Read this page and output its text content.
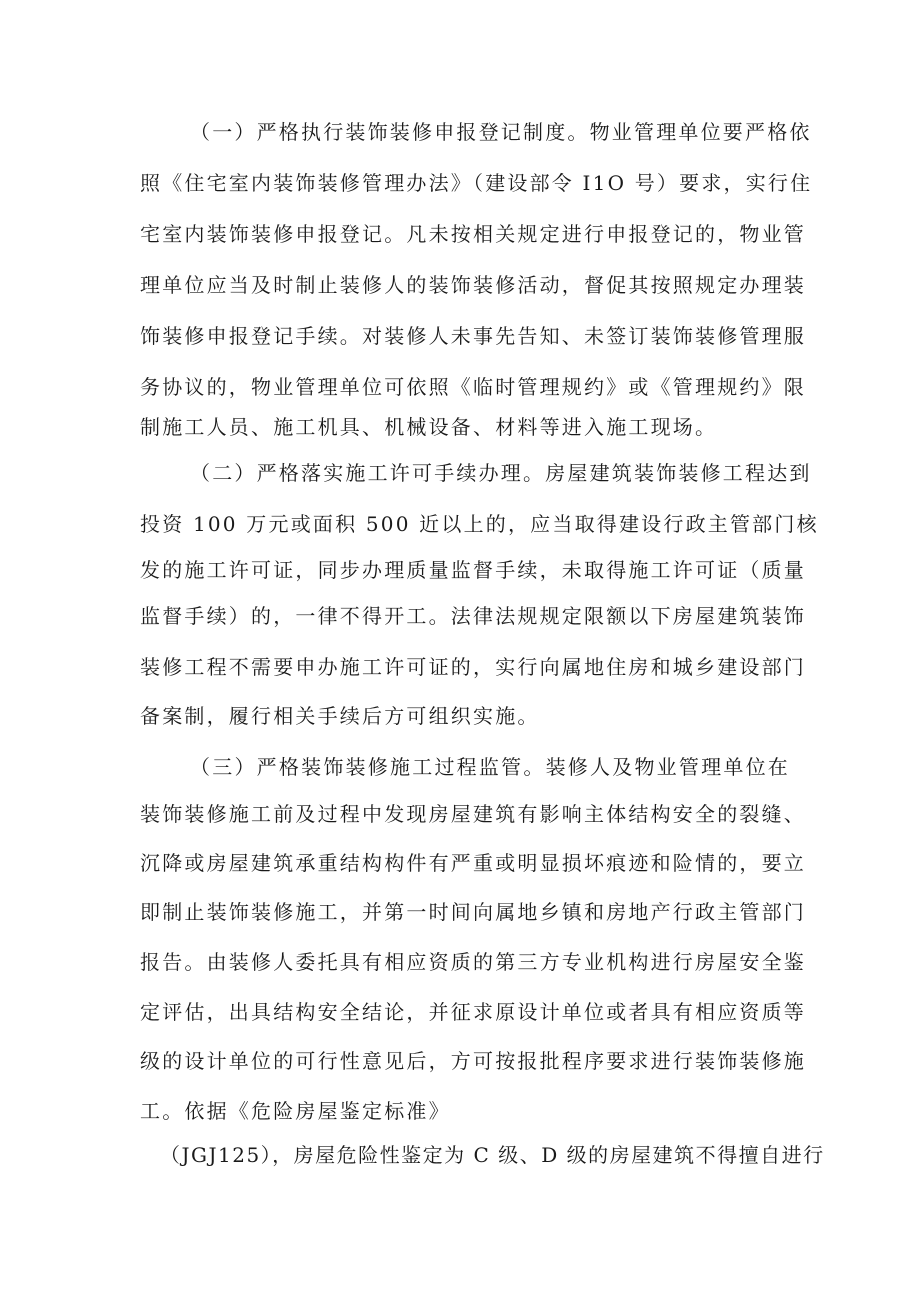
（一）严格执行装饰装修申报登记制度。物业管理单位要严格依
照《住宅室内装饰装修管理办法》（建设部令 I1O 号）要求，实行住
宅室内装饰装修申报登记。凡未按相关规定进行申报登记的，物业管
理单位应当及时制止装修人的装饰装修活动，督促其按照规定办理装
饰装修申报登记手续。对装修人未事先告知、未签订装饰装修管理服
务协议的，物业管理单位可依照《临时管理规约》或《管理规约》限
制施工人员、施工机具、机械设备、材料等进入施工现场。
（二）严格落实施工许可手续办理。房屋建筑装饰装修工程达到
投资 100 万元或面积 500 近以上的，应当取得建设行政主管部门核
发的施工许可证，同步办理质量监督手续，未取得施工许可证（质量
监督手续）的，一律不得开工。法律法规规定限额以下房屋建筑装饰
装修工程不需要申办施工许可证的，实行向属地住房和城乡建设部门
备案制，履行相关手续后方可组织实施。
（三）严格装饰装修施工过程监管。装修人及物业管理单位在
装饰装修施工前及过程中发现房屋建筑有影响主体结构安全的裂缝、
沉降或房屋建筑承重结构构件有严重或明显损坏痕迹和险情的，要立
即制止装饰装修施工，并第一时间向属地乡镇和房地产行政主管部门
报告。由装修人委托具有相应资质的第三方专业机构进行房屋安全鉴
定评估，出具结构安全结论，并征求原设计单位或者具有相应资质等
级的设计单位的可行性意见后，方可按报批程序要求进行装饰装修施
工。依据《危险房屋鉴定标准》
（JGJ125），房屋危险性鉴定为 C 级、D 级的房屋建筑不得擅自进行
